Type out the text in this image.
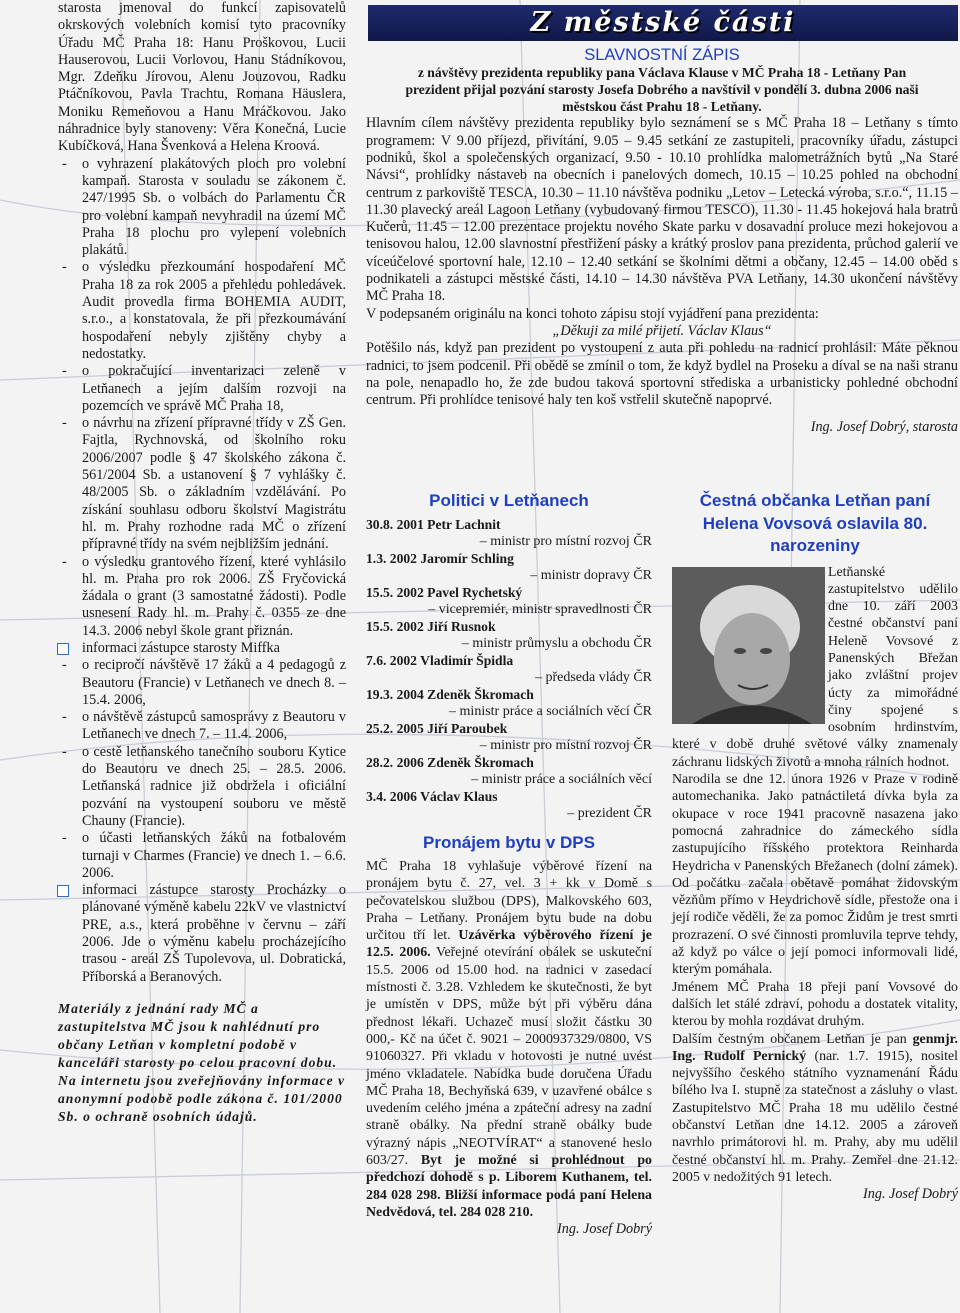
starosta jmenoval do funkcí zapisovatelů okrskových volebních komisí tyto pracovníky Úřadu MČ Praha 18: Hanu Proškovou, Lucii Hauserovou, Lucii Vorlovou, Hanu Stádníkovou, Mgr. Zdeňku Jírovou, Alenu Jouzovou, Radku Ptáčníkovou, Pavla Trachtu, Romana Häuslera, Moniku Remeňovou a Hanu Mráčkovou. Jako náhradnice byly stanoveny: Věra Konečná, Lucie Kubíčková, Hana Švenková a Helena Kroová.

- o vyhrazení plakátových ploch pro volební kampaň. Starosta v souladu se zákonem č. 247/1995 Sb. o volbách do Parlamentu ČR pro volební kampaň nevyhradil na území MČ Praha 18 plochu pro vylepení volebních plakátů.

- o výsledku přezkoumání hospodaření MČ Praha 18 za rok 2005 a přehledu pohledávek. Audit provedla firma BOHEMIA AUDIT, s.r.o., a konstatovala, že při přezkoumávání hospodaření nebyly zjištěny chyby a nedostatky.

- o pokračující inventarizaci zeleně v Letňanech a jejím dalším rozvoji na pozemcích ve správě MČ Praha 18,

- o návrhu na zřízení přípravné třídy v ZŠ Gen. Fajtla, Rychnovská, od školního roku 2006/2007 podle § 47 školského zákona č. 561/2004 Sb. a ustanovení § 7 vyhlášky č. 48/2005 Sb. o základním vzdělávání. Po získání souhlasu odboru školství Magistrátu hl. m. Prahy rozhodne rada MČ o zřízení přípravné třídy na svém nejbližším jednání.

- o výsledku grantového řízení, které vyhlásilo hl. m. Praha pro rok 2006. ZŠ Fryčovická žádala o grant (3 samostatné žádosti). Podle usnesení Rady hl. m. Prahy č. 0355 ze dne 14.3. 2006 nebyl škole grant přiznán.

informaci zástupce starosty Miffka

- o recipročí návštěvě 17 žáků a 4 pedagogů z Beautoru (Francie) v Letňanech ve dnech 8. – 15.4. 2006,

- o návštěvě zástupců samosprávy z Beautoru v Letňanech ve dnech 7. – 11.4. 2006,

- o cestě letňanského tanečního souboru Kytice do Beautoru ve dnech 25. – 28.5. 2006. Letňanská radnice již obdržela i oficiální pozvání na vystoupení souboru ve městě Chauny (Francie).

- o účasti letňanských žáků na fotbalovém turnaji v Charmes (Francie) ve dnech 1. – 6.6. 2006.

informaci zástupce starosty Procházky o plánované výměně kabelu 22kV ve vlastnictví PRE, a.s., která proběhne v červnu – září 2006. Jde o výměnu kabelu procházejícího trasou - areál ZŠ Tupolevova, ul. Dobratická, Příborská a Beranových.

Materiály z jednání rady MČ a zastupitelstva MČ jsou k nahlédnutí pro občany Letňan v kompletní podobě v kanceláři starosty po celou pracovní dobu. Na internetu jsou zveřejňovány informace v anonymní podobě podle zákona č. 101/2000 Sb. o ochraně osobních údajů.

Z městské části

SLAVNOSTNÍ ZÁPIS

z návštěvy prezidenta republiky pana Václava Klause v MČ Praha 18 - Letňany Pan prezident přijal pozvání starosty Josefa Dobrého a navštívil v pondělí 3. dubna 2006 naši městskou část Prahu 18 - Letňany.

Hlavním cílem návštěvy prezidenta republiky bylo seznámení se s MČ Praha 18 – Letňany s tímto programem: V 9.00 příjezd, přivítání, 9.05 – 9.45 setkání ze zastupiteli, pracovníky úřadu, zástupci podniků, škol a společenských organizací, 9.50 - 10.10 prohlídka malometrážních bytů „Na Staré Návsi“, prohlídky nástaveb na obecních i panelových domech, 10.15 – 10.25 pohled na obchodní centrum z parkoviště TESCA, 10.30 – 11.10 návštěva podniku „Letov – Letecká výroba, s.r.o.“, 11.15 – 11.30 plavecký areál Lagoon Letňany (vybudovaný firmou TESCO), 11.30 - 11.45 hokejová hala bratrů Kučerů, 11.45 – 12.00 prezentace projektu nového Skate parku v dosavadní proluce mezi hokejovou a tenisovou halou, 12.00 slavnostní přestřižení pásky a krátký proslov pana prezidenta, průchod galerií ve víceúčelové sportovní hale, 12.10 – 12.40 setkání se školními dětmi a občany, 12.45 – 14.00 oběd s podnikateli a zástupci městské části, 14.10 – 14.30 návštěva PVA Letňany, 14.30 ukončení návštěvy MČ Praha 18.

V podepsaném originálu na konci tohoto zápisu stojí vyjádření pana prezidenta:

„Děkuji za milé přijetí. Václav Klaus“

Potěšilo nás, když pan prezident po vystoupení z auta při pohledu na radnicí prohlásil: Máte pěknou radnici, to jsem podcenil. Při obědě se zmínil o tom, že když bydlel na Proseku a díval se na naši stranu na pole, nenapadlo ho, že zde budou taková sportovní střediska a urbanisticky pohledné obchodní centrum. Při prohlídce tenisové haly ten koš vstřelil skutečně napoprvé.

Ing. Josef Dobrý, starosta

Politici v Letňanech

30.8. 2001 Petr Lachnit

– ministr pro místní rozvoj ČR

1.3. 2002 Jaromír Schling

– ministr dopravy ČR

15.5. 2002 Pavel Rychetský

– vicepremiér, ministr spravedlnosti ČR

15.5. 2002 Jiří Rusnok

– ministr průmyslu a obchodu ČR

7.6. 2002 Vladimír Špidla

– předseda vlády ČR

19.3. 2004 Zdeněk Škromach

– ministr práce a sociálních věcí ČR

25.2. 2005 Jiří Paroubek

– ministr pro místní rozvoj ČR

28.2. 2006 Zdeněk Škromach

– ministr práce a sociálních věcí

3.4. 2006 Václav Klaus

– prezident ČR

Pronájem bytu v DPS

MČ Praha 18 vyhlašuje výběrové řízení na pronájem bytu č. 27, vel. 3 + kk v Domě s pečovatelskou službou (DPS), Malkovského 603, Praha – Letňany. Pronájem bytu bude na dobu určitou tří let. Uzávěrka výběrového řízení je 12.5. 2006. Veřejné otevírání obálek se uskuteční 15.5. 2006 od 15.00 hod. na radnici v zasedací místnosti č. 3.28. Vzhledem ke skutečnosti, že byt je umístěn v DPS, může být při výběru dána přednost lékaři. Uchazeč musí složit částku 30 000,- Kč na účet č. 9021 – 2000937329/0800, VS 91060327. Při vkladu v hotovosti je nutné uvést jméno vkladatele. Nabídka bude doručena Úřadu MČ Praha 18, Bechyňská 639, v uzavřené obálce s uvedením celého jména a zpáteční adresy na zadní straně obálky. Na přední straně obálky bude výrazný nápis „NEOTVÍRAT“ a stanovené heslo 603/27. Byt je možné si prohlédnout po předchozí dohodě s p. Liborem Kuthanem, tel. 284 028 298. Bližší informace podá paní Helena Nedvědová, tel. 284 028 210.

Ing. Josef Dobrý

Čestná občanka Letňan paní Helena Vovsová oslavila 80. narozeniny

Letňanské zastupitelstvo udělilo dne 10. září 2003 čestné občanství paní Heleně Vovsové z Panenských Břežan jako zvláštní projev úcty za mimořádné činy spojené s osobním hrdinstvím, které v době druhé světové války znamenaly záchranu lidských životů a mnoha rálních hodnot.

Narodila se dne 12. února 1926 v Praze v rodině automechanika. Jako patnáctiletá dívka byla za okupace v roce 1941 pracovně nasazena jako pomocná zahradnice do zámeckého sídla zastupujícího říšského protektora Reinharda Heydricha v Panenských Břežanech (dolní zámek). Od počátku začala obětavě pomáhat židovským vězňům přímo v Heydrichově sídle, přestože ona i její rodiče věděli, že za pomoc Židům je trest smrti prozrazení. O své činnosti promluvila teprve tehdy, až když po válce o její pomoci informovali lidé, kterým pomáhala.

Jménem MČ Praha 18 přeji paní Vovsové do dalších let stálé zdraví, pohodu a dostatek vitality, kterou by mohla rozdávat druhým.

Dalším čestným občanem Letňan je pan genmjr. Ing. Rudolf Pernický (nar. 1.7. 1915), nositel nejvyššího českého státního vyznamenání Řádu bílého lva I. stupně za statečnost a zásluhy o vlast. Zastupitelstvo MČ Praha 18 mu udělilo čestné občanství Letňan dne 14.12. 2005 a zároveň navrhlo primátorovi hl. m. Prahy, aby mu udělil čestné občanství hl. m. Prahy. Zemřel dne 21.12. 2005 v nedožitých 91 letech.

Ing. Josef Dobrý
